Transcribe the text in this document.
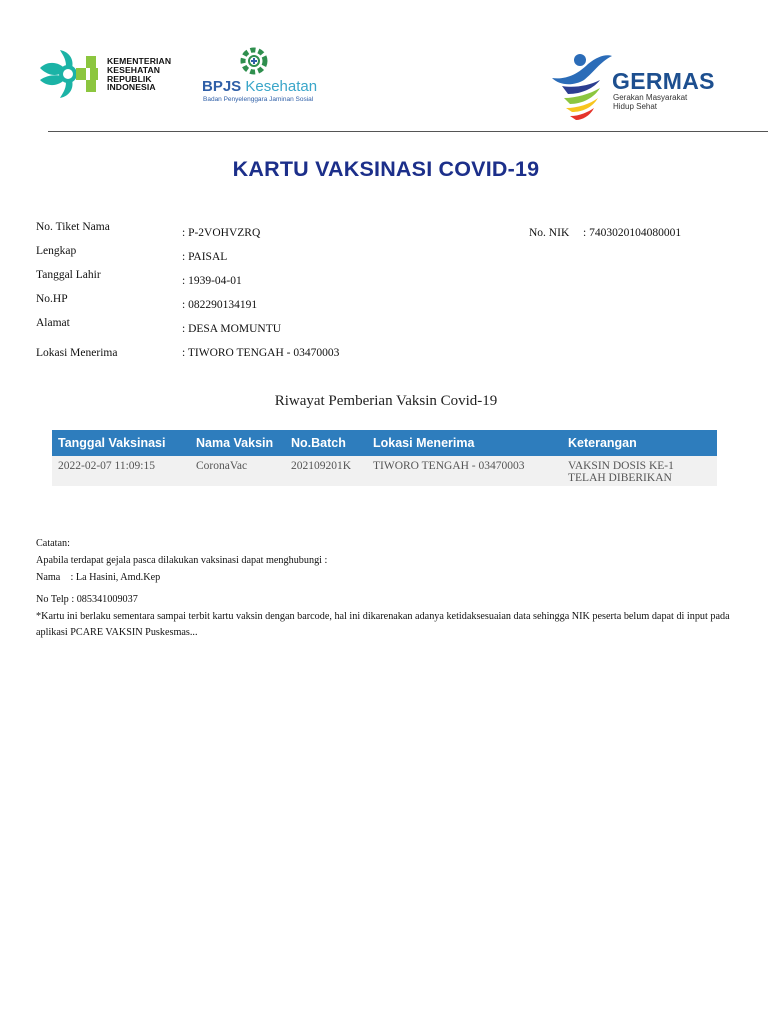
KEMENTERIAN
KESEHATAN
REPUBLIK
INDONESIA	BPJS Kesehatan
Badan Penyelenggara Jaminan Sosial
GERMAS
Gerakan Masyarakat
Hidup Sehat
KARTU VAKSINASI COVID-19
No. Tiket Nama	: P-2VOHVZRQ	No. NIK : 7403020104080001
Lengkap	: PAISAL
Tanggal Lahir	: 1939-04-01
No.HP	: 082290134191
Alamat	: DESA MOMUNTU
Lokasi Menerima	: TIWORO TENGAH - 03470003
Riwayat Pemberian Vaksin Covid-19
Tanggal Vaksinasi	Nama Vaksin	No.Batch	Lokasi Menerima	Keterangan
2022-02-07 11:09:15	CoronaVac	202109201K	TIWORO TENGAH - 03470003	VAKSIN DOSIS KE-1
TELAH DIBERIKAN
Catatan:
Apabila terdapat gejala pasca dilakukan vaksinasi dapat menghubungi :
Nama    : La Hasini, Amd.Kep
No Telp : 085341009037
*Kartu ini berlaku sementara sampai terbit kartu vaksin dengan barcode, hal ini dikarenakan adanya ketidaksesuaian data sehingga NIK peserta belum dapat di input pada aplikasi PCARE VAKSIN Puskesmas...
